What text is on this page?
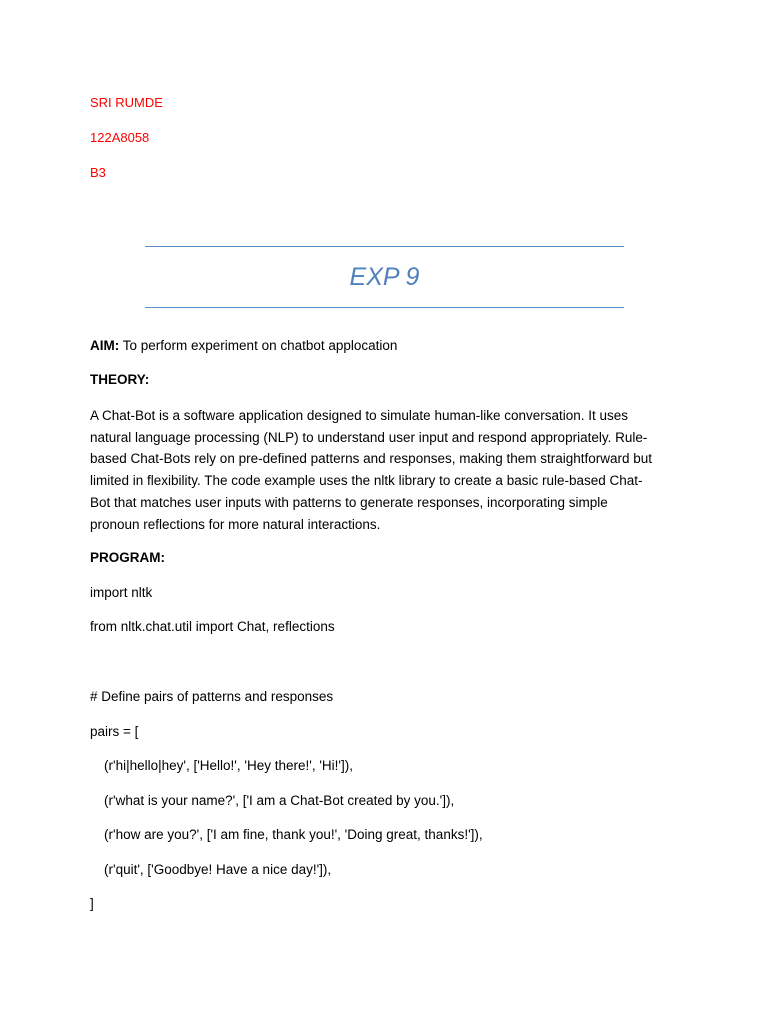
SRI RUMDE
122A8058
B3
EXP 9
AIM: To perform experiment on chatbot applocation
THEORY:
A Chat-Bot is a software application designed to simulate human-like conversation. It uses
natural language processing (NLP) to understand user input and respond appropriately. Rule-
based Chat-Bots rely on pre-defined patterns and responses, making them straightforward but
limited in flexibility. The code example uses the nltk library to create a basic rule-based Chat-
Bot that matches user inputs with patterns to generate responses, incorporating simple
pronoun reflections for more natural interactions.
PROGRAM:
import nltk
from nltk.chat.util import Chat, reflections
# Define pairs of patterns and responses
pairs = [
(r'hi|hello|hey', ['Hello!', 'Hey there!', 'Hi!']),
(r'what is your name?', ['I am a Chat-Bot created by you.']),
(r'how are you?', ['I am fine, thank you!', 'Doing great, thanks!']),
(r'quit', ['Goodbye! Have a nice day!']),
]
